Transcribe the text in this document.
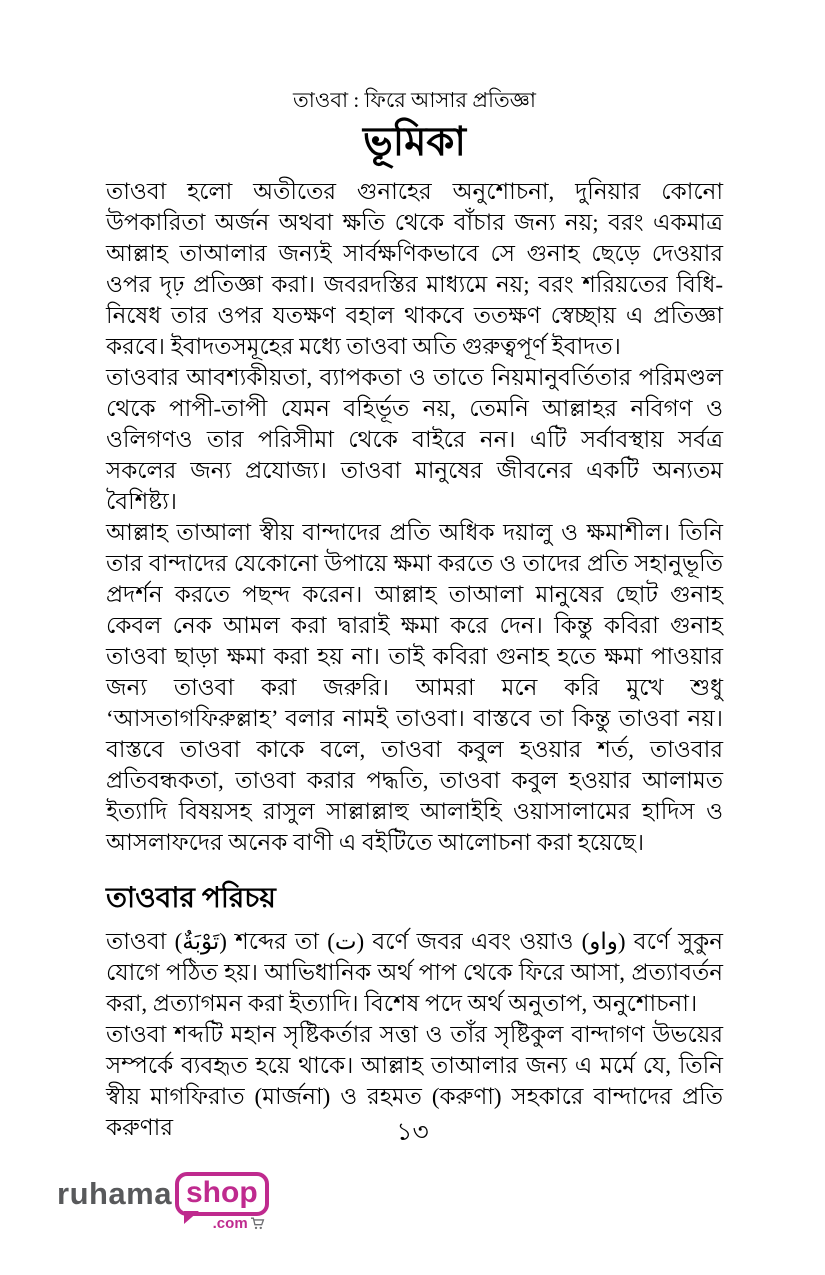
তাওবা : ফিরে আসার প্রতিজ্ঞা
ভূমিকা

তাওবা হলো অতীতের গুনাহের অনুশোচনা, দুনিয়ার কোনো উপকারিতা অর্জন অথবা ক্ষতি থেকে বাঁচার জন্য নয়; বরং একমাত্র আল্লাহ তাআলার জন্যই সার্বক্ষণিকভাবে সে গুনাহ ছেড়ে দেওয়ার ওপর দৃঢ় প্রতিজ্ঞা করা। জবরদস্তির মাধ্যমে নয়; বরং শরিয়তের বিধি-নিষেধ তার ওপর যতক্ষণ বহাল থাকবে ততক্ষণ স্বেচ্ছায় এ প্রতিজ্ঞা করবে। ইবাদতসমূহের মধ্যে তাওবা অতি গুরুত্বপূর্ণ ইবাদত।

তাওবার আবশ্যকীয়তা, ব্যাপকতা ও তাতে নিয়মানুবর্তিতার পরিমণ্ডল থেকে পাপী-তাপী যেমন বহির্ভূত নয়, তেমনি আল্লাহর নবিগণ ও ওলিগণও তার পরিসীমা থেকে বাইরে নন। এটি সর্বাবস্থায় সর্বত্র সকলের জন্য প্রযোজ্য। তাওবা মানুষের জীবনের একটি অন্যতম বৈশিষ্ট্য।

আল্লাহ তাআলা স্বীয় বান্দাদের প্রতি অধিক দয়ালু ও ক্ষমাশীল। তিনি তার বান্দাদের যেকোনো উপায়ে ক্ষমা করতে ও তাদের প্রতি সহানুভূতি প্রদর্শন করতে পছন্দ করেন। আল্লাহ তাআলা মানুষের ছোট গুনাহ কেবল নেক আমল করা দ্বারাই ক্ষমা করে দেন। কিন্তু কবিরা গুনাহ তাওবা ছাড়া ক্ষমা করা হয় না। তাই কবিরা গুনাহ হতে ক্ষমা পাওয়ার জন্য তাওবা করা জরুরি। আমরা মনে করি মুখে শুধু ‘আসতাগফিরুল্লাহ’ বলার নামই তাওবা। বাস্তবে তা কিন্তু তাওবা নয়। বাস্তবে তাওবা কাকে বলে, তাওবা কবুল হওয়ার শর্ত, তাওবার প্রতিবন্ধকতা, তাওবা করার পদ্ধতি, তাওবা কবুল হওয়ার আলামত ইত্যাদি বিষয়সহ রাসুল সাল্লাল্লাহু আলাইহি ওয়াসালামের হাদিস ও আসলাফদের অনেক বাণী এ বইটিতে আলোচনা করা হয়েছে।

তাওবার পরিচয়

তাওবা (تَوْبَةٌ) শব্দের তা (ت) বর্ণে জবর এবং ওয়াও (واو) বর্ণে সুকুন যোগে পঠিত হয়। আভিধানিক অর্থ পাপ থেকে ফিরে আসা, প্রত্যাবর্তন করা, প্রত্যাগমন করা ইত্যাদি। বিশেষ পদে অর্থ অনুতাপ, অনুশোচনা।

তাওবা শব্দটি মহান সৃষ্টিকর্তার সত্তা ও তাঁর সৃষ্টিকুল বান্দাগণ উভয়ের সম্পর্কে ব্যবহৃত হয়ে থাকে। আল্লাহ তাআলার জন্য এ মর্মে যে, তিনি স্বীয় মাগফিরাত (মার্জনা) ও রহমত (করুণা) সহকারে বান্দাদের প্রতি করুণার	১৩
ruhama shop
.com
